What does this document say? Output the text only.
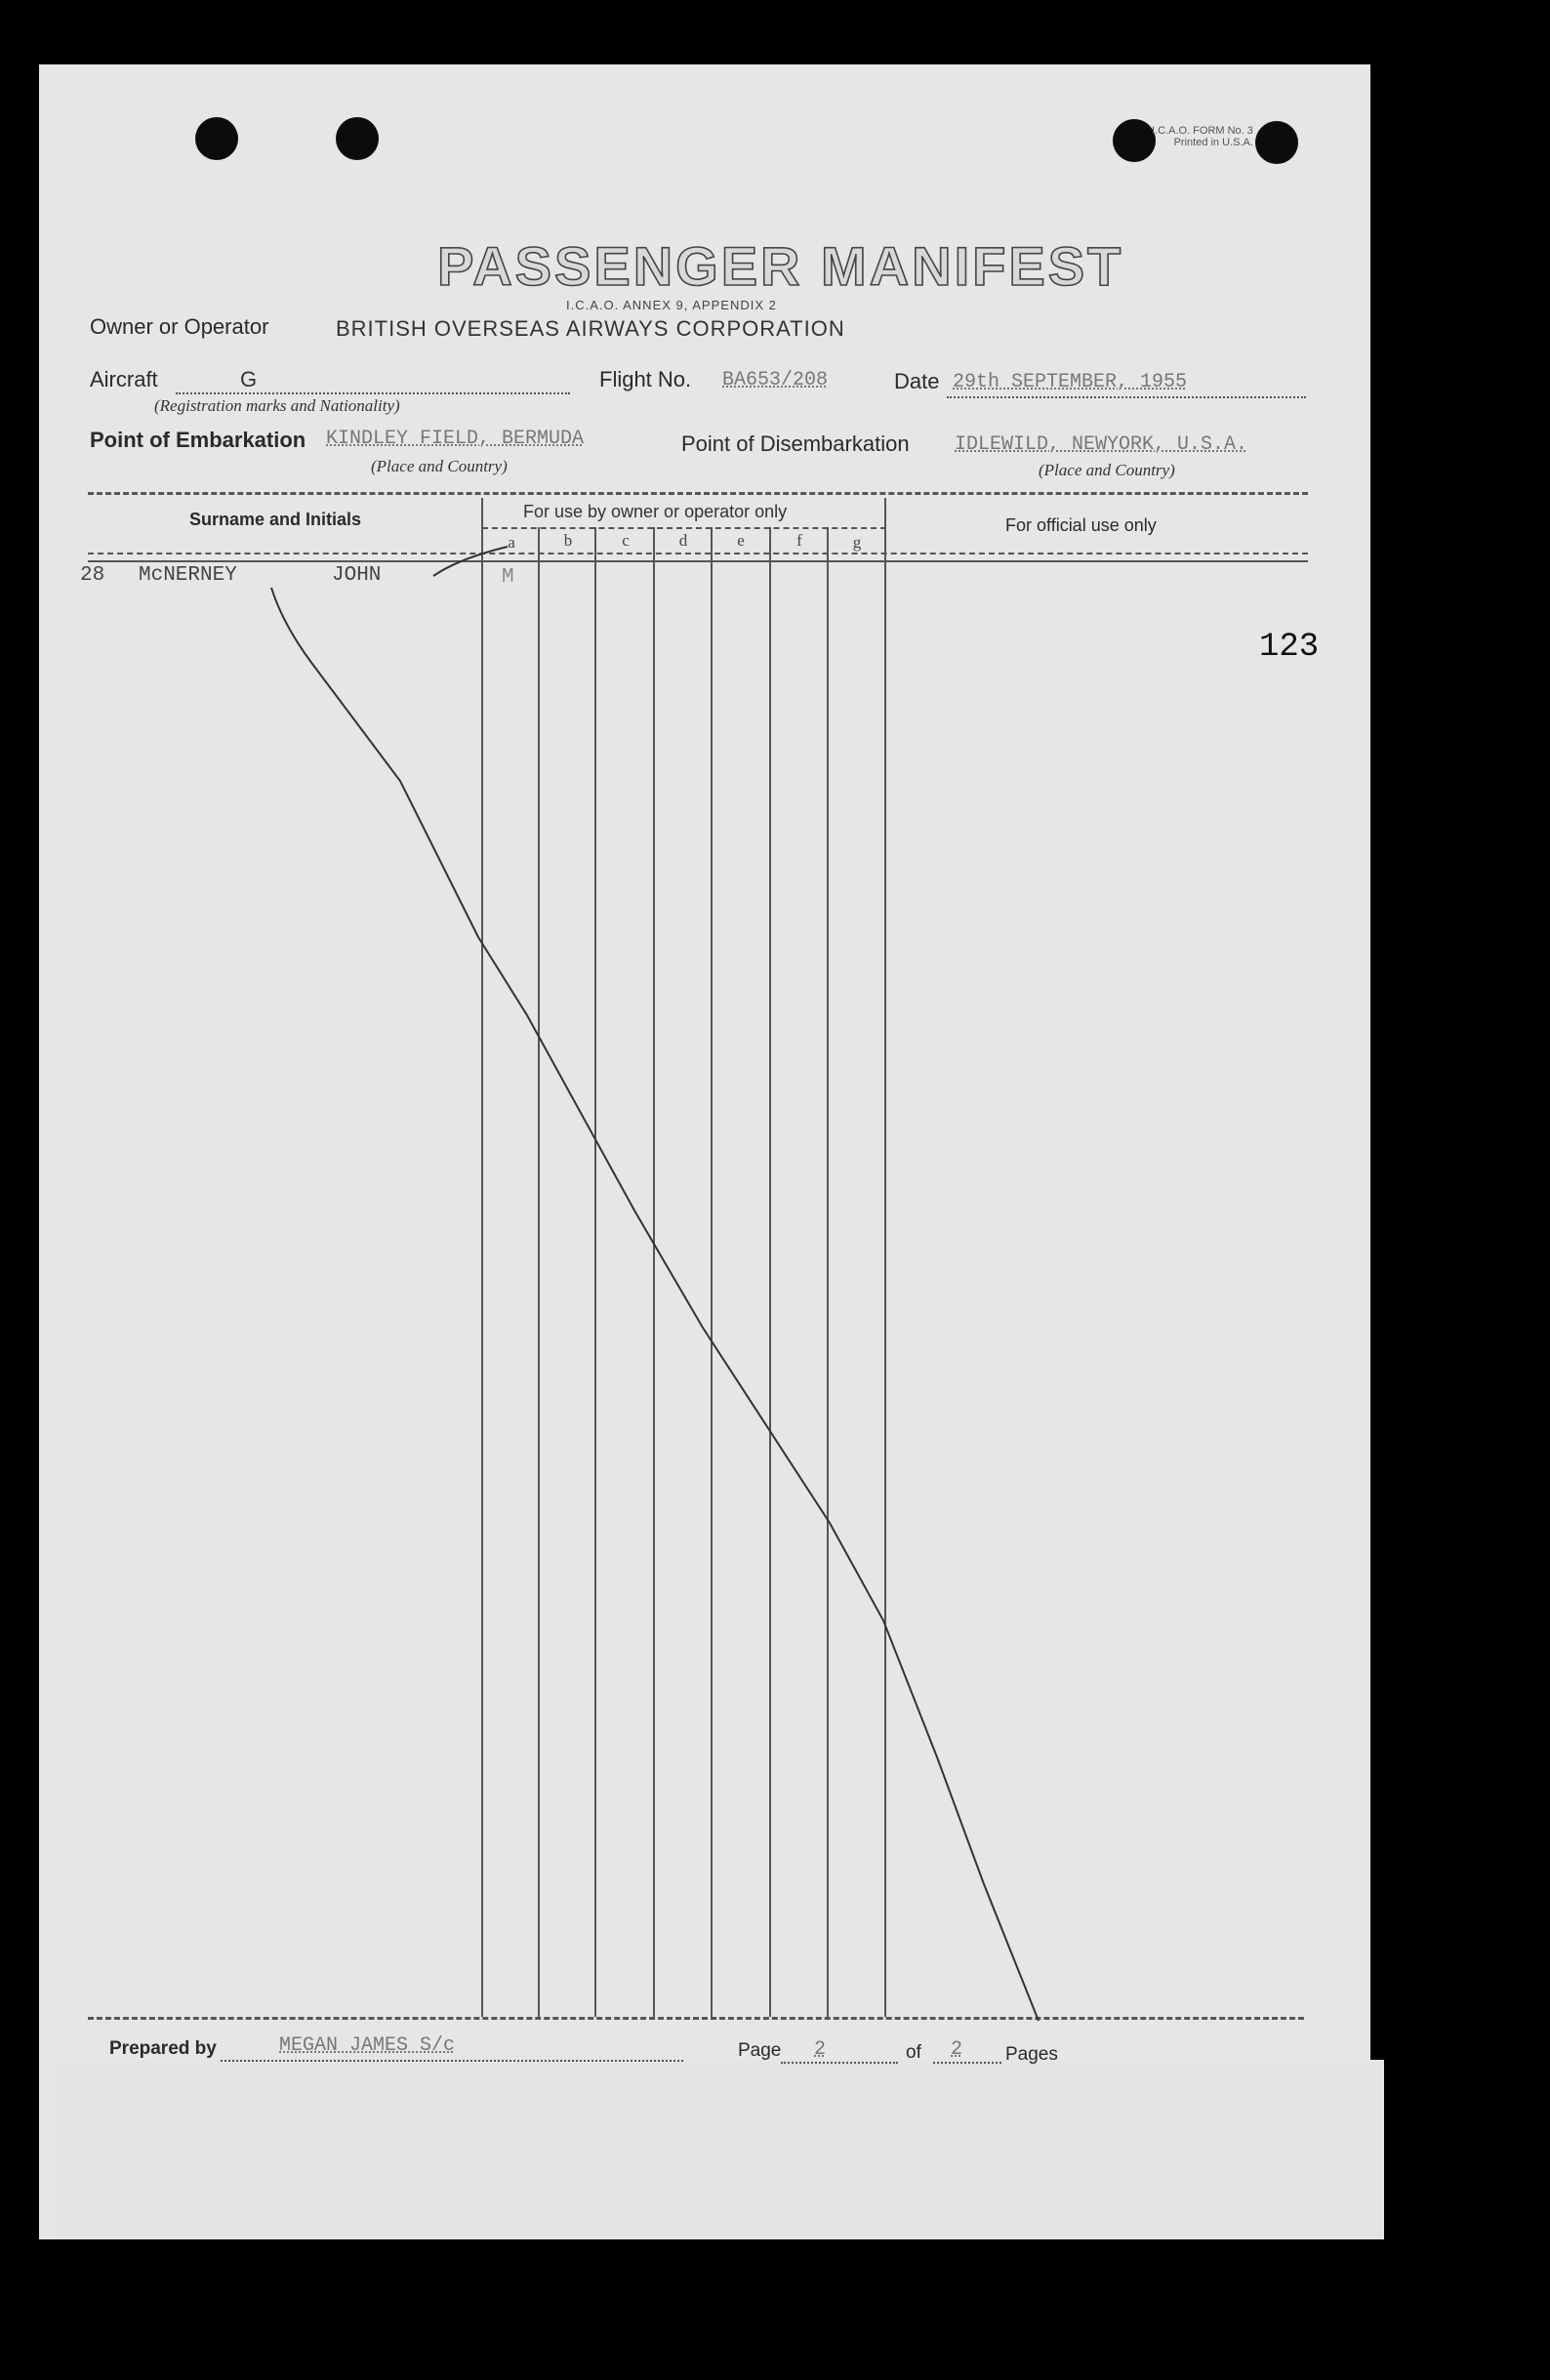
I.C.A.O. FORM No. 3
Printed in U.S.A.
PASSENGER MANIFEST
I.C.A.O. ANNEX 9, APPENDIX 2
Owner or Operator	BRITISH OVERSEAS AIRWAYS CORPORATION
Aircraft	G
(Registration marks and Nationality)
Flight No. BA653/208	Date 29th SEPTEMBER, 1955
Point of Embarkation KINDLEY FIELD, BERMUDA
(Place and Country)
Point of Disembarkation IDLEWILD, NEWYORK, U.S.A.
(Place and Country)
Surname and Initials	For use by owner or operator only
a	b	c	d	e	f	g
For official use only
28 McNERNEY	JOHN	M
123
Prepared by	MEGAN JAMES S/c	Page 2	of 2 Pages
